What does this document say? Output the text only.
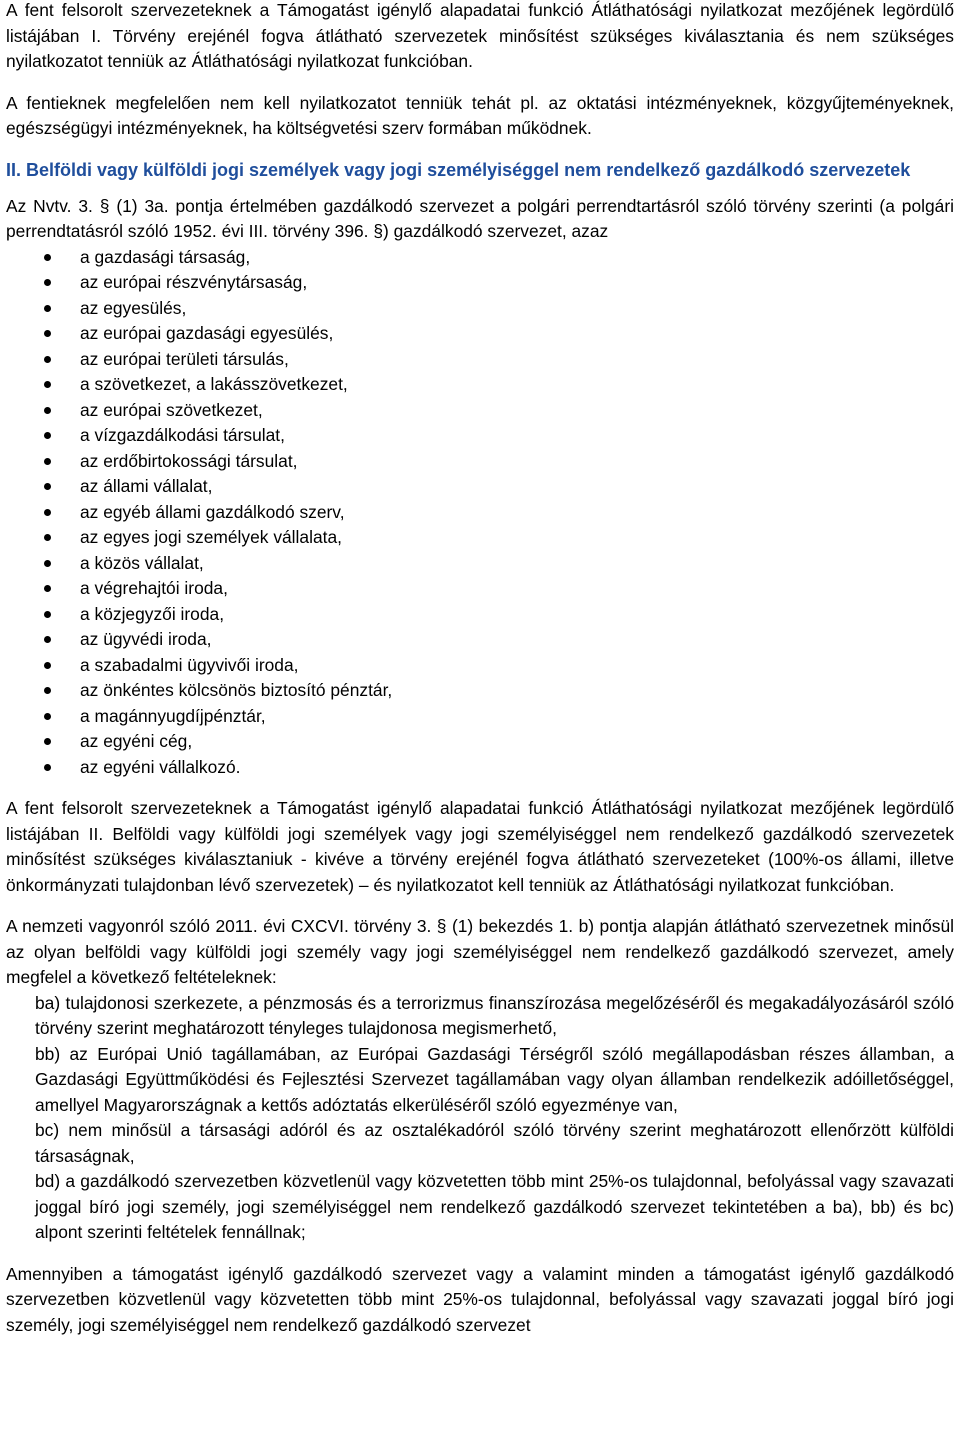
A fent felsorolt szervezeteknek a Támogatást igénylő alapadatai funkció Átláthatósági nyilatkozat mezőjének legördülő listájában I. Törvény erejénél fogva átlátható szervezetek minősítést szükséges kiválasztania és nem szükséges nyilatkozatot tenniük az Átláthatósági nyilatkozat funkcióban.

A fentieknek megfelelően nem kell nyilatkozatot tenniük tehát pl. az oktatási intézményeknek, közgyűjteményeknek, egészségügyi intézményeknek, ha költségvetési szerv formában működnek.

II. Belföldi vagy külföldi jogi személyek vagy jogi személyiséggel nem rendelkező gazdálkodó szervezetek

Az Nvtv. 3. § (1) 3a. pontja értelmében gazdálkodó szervezet a polgári perrendtartásról szóló törvény szerinti (a polgári perrendtatásról szóló 1952. évi III. törvény 396. §) gazdálkodó szervezet, azaz

a gazdasági társaság,
az európai részvénytársaság,
az egyesülés,
az európai gazdasági egyesülés,
az európai területi társulás,
a szövetkezet, a lakásszövetkezet,
az európai szövetkezet,
a vízgazdálkodási társulat,
az erdőbirtokossági társulat,
az állami vállalat,
az egyéb állami gazdálkodó szerv,
az egyes jogi személyek vállalata,
a közös vállalat,
a végrehajtói iroda,
a közjegyzői iroda,
az ügyvédi iroda,
a szabadalmi ügyvivői iroda,
az önkéntes kölcsönös biztosító pénztár,
a magánnyugdíjpénztár,
az egyéni cég,
az egyéni vállalkozó.

A fent felsorolt szervezeteknek a Támogatást igénylő alapadatai funkció Átláthatósági nyilatkozat mezőjének legördülő listájában II. Belföldi vagy külföldi jogi személyek vagy jogi személyiséggel nem rendelkező gazdálkodó szervezetek minősítést szükséges kiválasztaniuk - kivéve a törvény erejénél fogva átlátható szervezeteket (100%-os állami, illetve önkormányzati tulajdonban lévő szervezetek) – és nyilatkozatot kell tenniük az Átláthatósági nyilatkozat funkcióban.

A nemzeti vagyonról szóló 2011. évi CXCVI. törvény 3. § (1) bekezdés 1. b) pontja alapján átlátható szervezetnek minősül az olyan belföldi vagy külföldi jogi személy vagy jogi személyiséggel nem rendelkező gazdálkodó szervezet, amely megfelel a következő feltételeknek:

ba) tulajdonosi szerkezete, a pénzmosás és a terrorizmus finanszírozása megelőzéséről és megakadályozásáról szóló törvény szerint meghatározott tényleges tulajdonosa megismerhető,

bb) az Európai Unió tagállamában, az Európai Gazdasági Térségről szóló megállapodásban részes államban, a Gazdasági Együttműködési és Fejlesztési Szervezet tagállamában vagy olyan államban rendelkezik adóilletőséggel, amellyel Magyarországnak a kettős adóztatás elkerüléséről szóló egyezménye van,

bc) nem minősül a társasági adóról és az osztalékadóról szóló törvény szerint meghatározott ellenőrzött külföldi társaságnak,

bd) a gazdálkodó szervezetben közvetlenül vagy közvetetten több mint 25%-os tulajdonnal, befolyással vagy szavazati joggal bíró jogi személy, jogi személyiséggel nem rendelkező gazdálkodó szervezet tekintetében a ba), bb) és bc) alpont szerinti feltételek fennállnak;

Amennyiben a támogatást igénylő gazdálkodó szervezet vagy a valamint minden a támogatást igénylő gazdálkodó szervezetben közvetlenül vagy közvetetten több mint 25%-os tulajdonnal, befolyással vagy szavazati joggal bíró jogi személy, jogi személyiséggel nem rendelkező gazdálkodó szervezet
